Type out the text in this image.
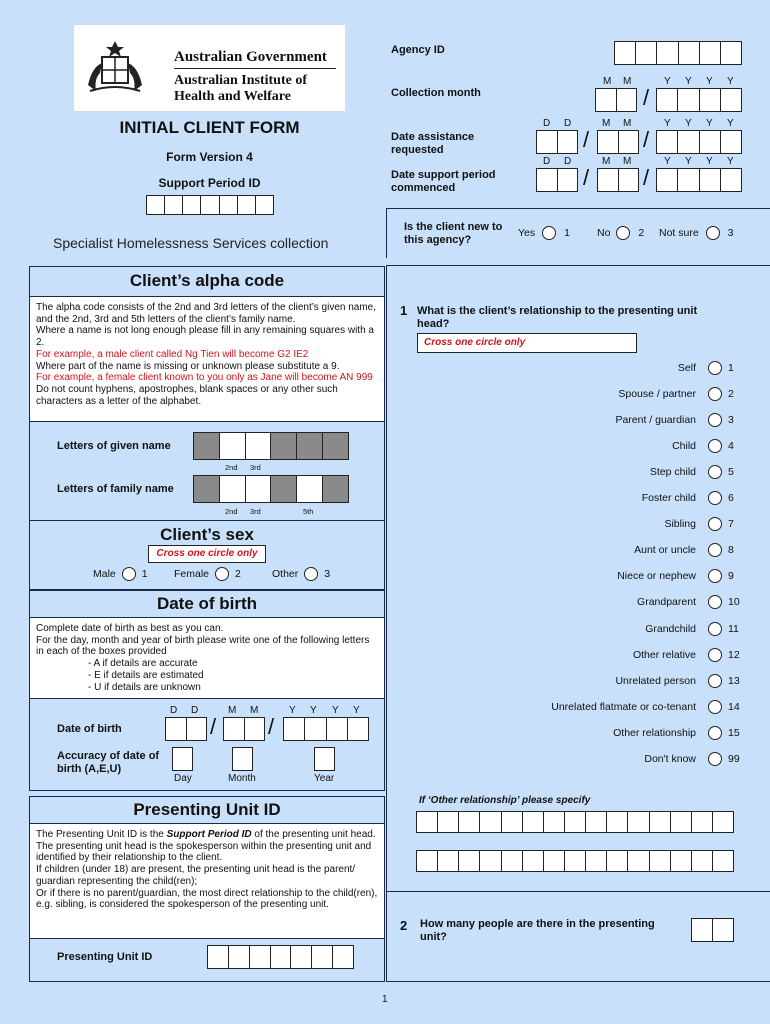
Australian Government
Australian Institute of
Health and Welfare
INITIAL CLIENT FORM
Form Version 4
Support Period ID
Specialist Homelessness Services collection
Agency ID
M M	Y Y Y Y
Collection month	/
D D	M M	Y Y Y Y
Date assistance requested	/ /
D D	M M	Y Y Y Y
Date support period commenced	/ /
Is the client new to this agency?
Yes	1	No	2 Not sure	3
Client’s alpha code
The alpha code consists of the 2nd and 3rd letters of the client’s given name, and the 2nd, 3rd and 5th letters of the client’s family name.
Where a name is not long enough please fill in any remaining squares with a 2.
For example, a male client called Ng Tien will become G2 IE2
Where part of the name is missing or unknown please substitute a 9.
For example, a female client known to you only as Jane will become AN 999
Do not count hyphens, apostrophes, blank spaces or any other such characters as a letter of the alphabet.
Letters of given name
2nd 3rd
Letters of family name
2nd 3rd	5th
Client’s sex
Cross one circle only
Male 1	Female 2	Other 3
Date of birth
Complete date of birth as best as you can.
For the day, month and year of birth please write one of the following letters in each of the boxes provided
- A if details are accurate
- E if details are estimated
- U if details are unknown
D D	M M	Y Y Y Y
Date of birth	/ /
Accuracy of date of birth (A,E,U)
Day	Month	Year
Presenting Unit ID
The Presenting Unit ID is the Support Period ID of the presenting unit head.
The presenting unit head is the spokesperson within the presenting unit and identified by their relationship to the client.
If children (under 18) are present, the presenting unit head is the parent/ guardian representing the child(ren);
Or if there is no parent/guardian, the most direct relationship to the child(ren), e.g. sibling, is considered the spokesperson of the presenting unit.
Presenting Unit ID
1 What is the client’s relationship to the presenting unit head?
Cross one circle only
Self	1
Spouse / partner	2
Parent / guardian	3
Child	4
Step child	5
Foster child	6
Sibling	7
Aunt or uncle	8
Niece or nephew	9
Grandparent	10
Grandchild	11
Other relative	12
Unrelated person	13
Unrelated flatmate or co-tenant	14
Other relationship	15
Don't know	99
If ‘Other relationship’ please specify
2 How many people are there in the presenting unit?
1
